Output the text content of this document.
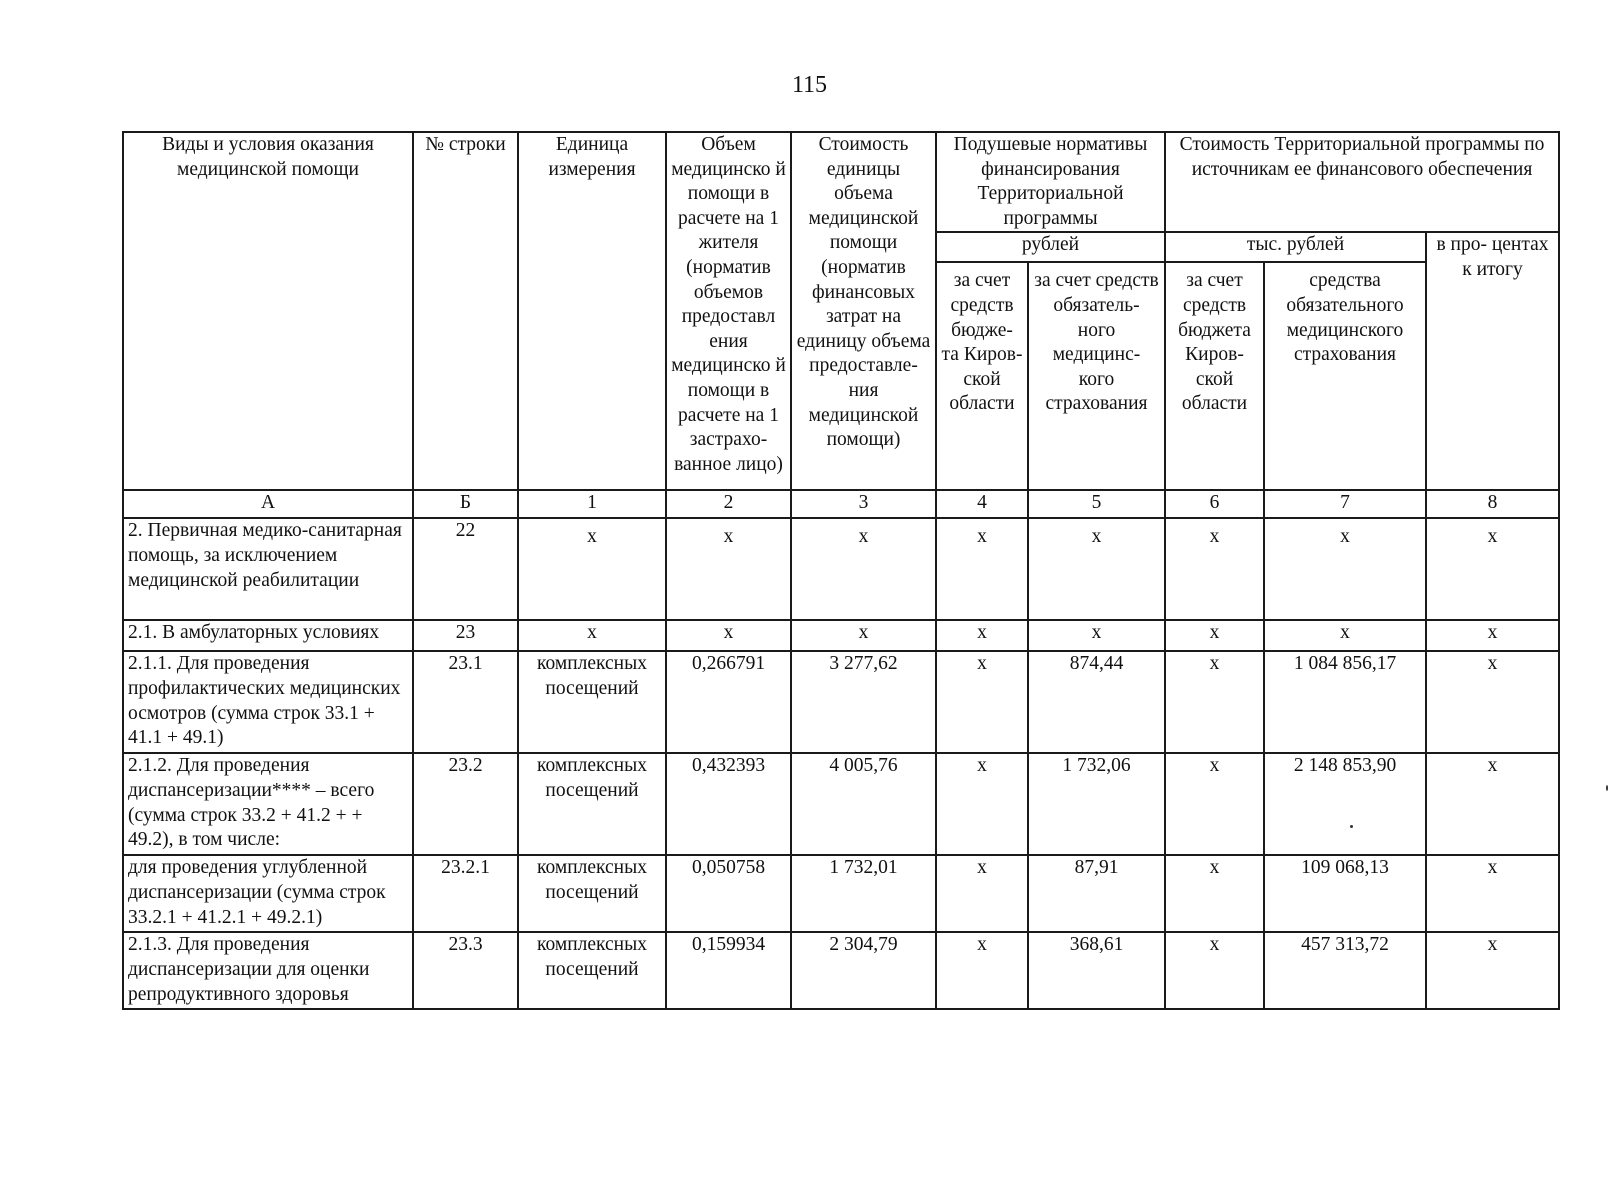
115
Виды и условия оказания медицинской помощи	№ строки	Единица измерения	Объем медицинско й помощи в расчете на 1 жителя (норматив объемов предоставл ения медицинско й помощи в расчете на 1 застрахо- ванное лицо)	Стоимость единицы объема медицинской помощи (норматив финансовых затрат на единицу объема предоставле- ния медицинской помощи)	Подушевые нормативы финансирования Территориальной программы		Стоимость Территориальной программы по источникам ее финансового обеспечения		
					рублей		тыс. рублей		в про- центах к итогу
					за счет средств бюдже- та Киров- ской области	за счет средств обязатель- ного медицинс- кого страхования	за счет средств бюджета Киров- ской области	средства обязательного медицинского страхования	
А	Б	1	2	3	4	5	6	7	8
2. Первичная медико-санитарная помощь, за исключением медицинской реабилитации	22	х	х	х	х	х	х	х	х
2.1. В амбулаторных условиях	23	х	х	х	х	х	х	х	х
2.1.1. Для проведения профилактических медицинских осмотров (сумма строк 33.1 + 41.1 + 49.1)	23.1	комплексных посещений	0,266791	3 277,62	х	874,44	х	1 084 856,17	х
2.1.2. Для проведения диспансеризации**** – всего (сумма строк 33.2 + 41.2 + + 49.2), в том числе:	23.2	комплексных посещений	0,432393	4 005,76	х	1 732,06	х	2 148 853,90	х
для проведения углубленной диспансеризации (сумма строк 33.2.1 + 41.2.1 + 49.2.1)	23.2.1	комплексных посещений	0,050758	1 732,01	х	87,91	х	109 068,13	х
2.1.3. Для проведения диспансеризации для оценки репродуктивного здоровья	23.3	комплексных посещений	0,159934	2 304,79	х	368,61	х	457 313,72	х
